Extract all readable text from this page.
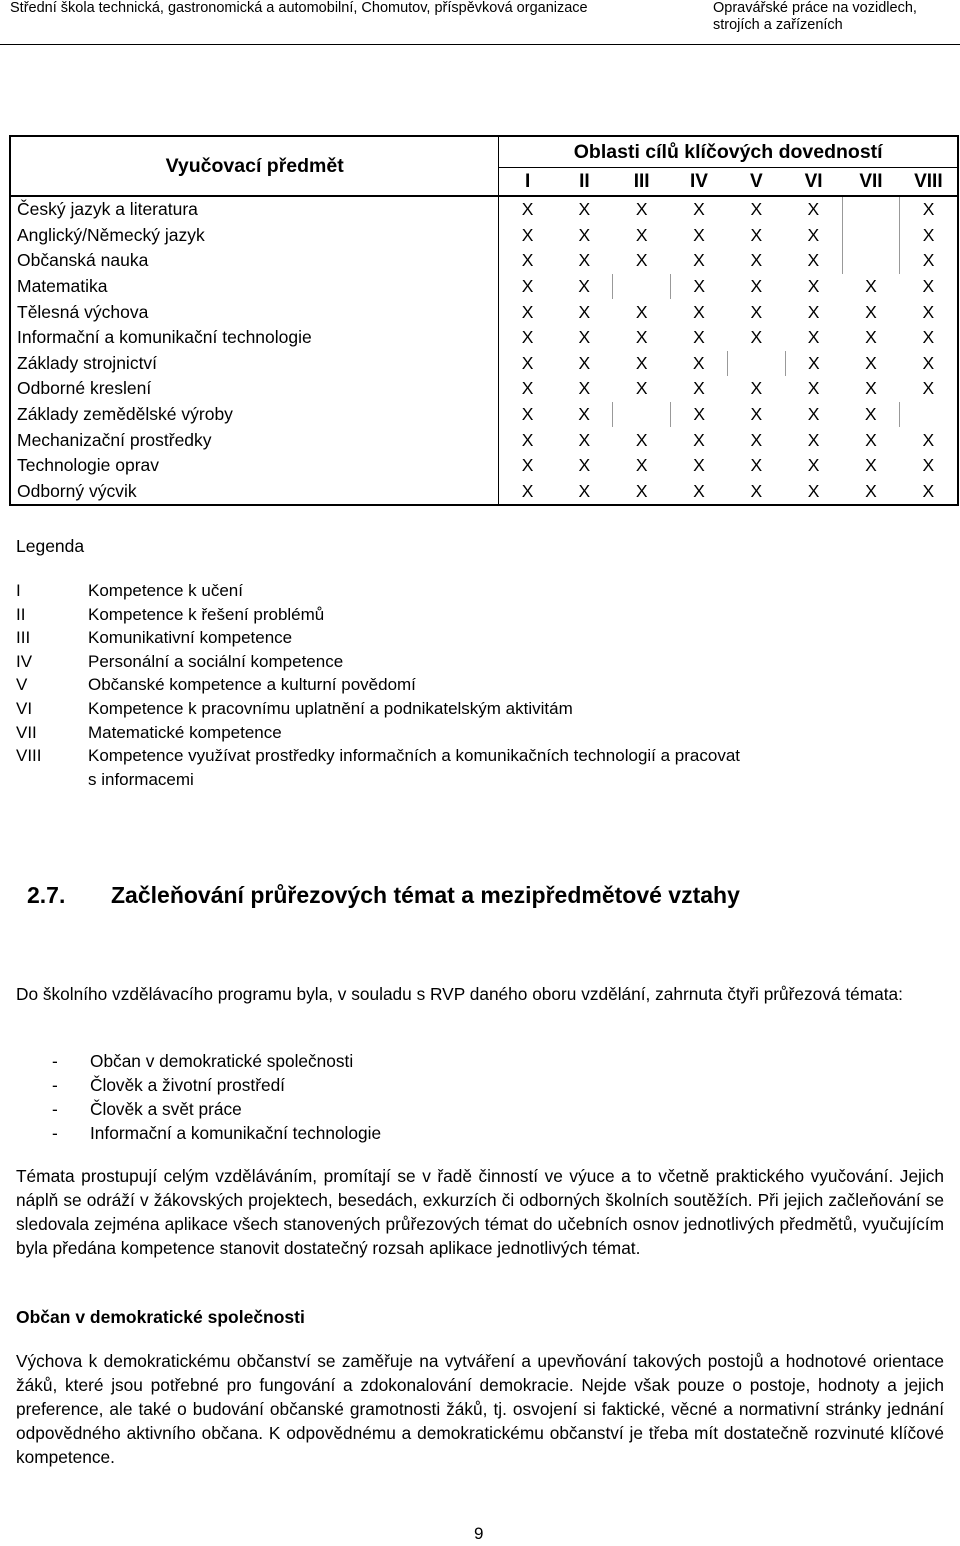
Střední škola technická, gastronomická a automobilní, Chomutov, příspěvková organizace	Opravářské práce na vozidlech, strojích a zařízeních
Vyučovací předmět	Oblasti cílů klíčových dovedností							
	I	II	III	IV	V	VI	VII	VIII
Český jazyk a literatura	X	X	X	X	X	X		X
Anglický/Německý jazyk	X	X	X	X	X	X		X
Občanská nauka	X	X	X	X	X	X		X
Matematika	X	X		X	X	X	X	X
Tělesná výchova	X	X	X	X	X	X	X	X
Informační a komunikační technologie	X	X	X	X	X	X	X	X
Základy strojnictví	X	X	X	X		X	X	X
Odborné kreslení	X	X	X	X	X	X	X	X
Základy zemědělské výroby	X	X		X	X	X	X	
Mechanizační prostředky	X	X	X	X	X	X	X	X
Technologie oprav	X	X	X	X	X	X	X	X
Odborný výcvik	X	X	X	X	X	X	X	X
Legenda
I	Kompetence k učení
II	Kompetence k řešení problémů
III	Komunikativní kompetence
IV	Personální a sociální kompetence
V	Občanské kompetence a kulturní povědomí
VI	Kompetence k pracovnímu uplatnění a podnikatelským aktivitám
VII	Matematické kompetence
VIII	Kompetence využívat prostředky informačních a komunikačních technologií a pracovat
s informacemi
2.7. Začleňování průřezových témat a mezipředmětové vztahy
Do školního vzdělávacího programu byla, v souladu s RVP daného oboru vzdělání, zahrnuta čtyři průřezová témata:
-	Občan v demokratické společnosti
-	Člověk a životní prostředí
-	Člověk a svět práce
-	Informační a komunikační technologie
Témata prostupují celým vzděláváním, promítají se v řadě činností ve výuce a to včetně praktického vyučování. Jejich náplň se odráží v žákovských projektech, besedách, exkurzích či odborných školních soutěžích. Při jejich začleňování se sledovala zejména aplikace všech stanovených průřezových témat do učebních osnov jednotlivých předmětů, vyučujícím byla předána kompetence stanovit dostatečný rozsah aplikace jednotlivých témat.
Občan v demokratické společnosti
Výchova k demokratickému občanství se zaměřuje na vytváření a upevňování takových postojů a hodnotové orientace žáků, které jsou potřebné pro fungování a zdokonalování demokracie. Nejde však pouze o postoje, hodnoty a jejich preference, ale také o budování občanské gramotnosti žáků, tj. osvojení si faktické, věcné a normativní stránky jednání odpovědného aktivního občana. K odpovědnému a demokratickému občanství je třeba mít dostatečně rozvinuté klíčové kompetence.
9
